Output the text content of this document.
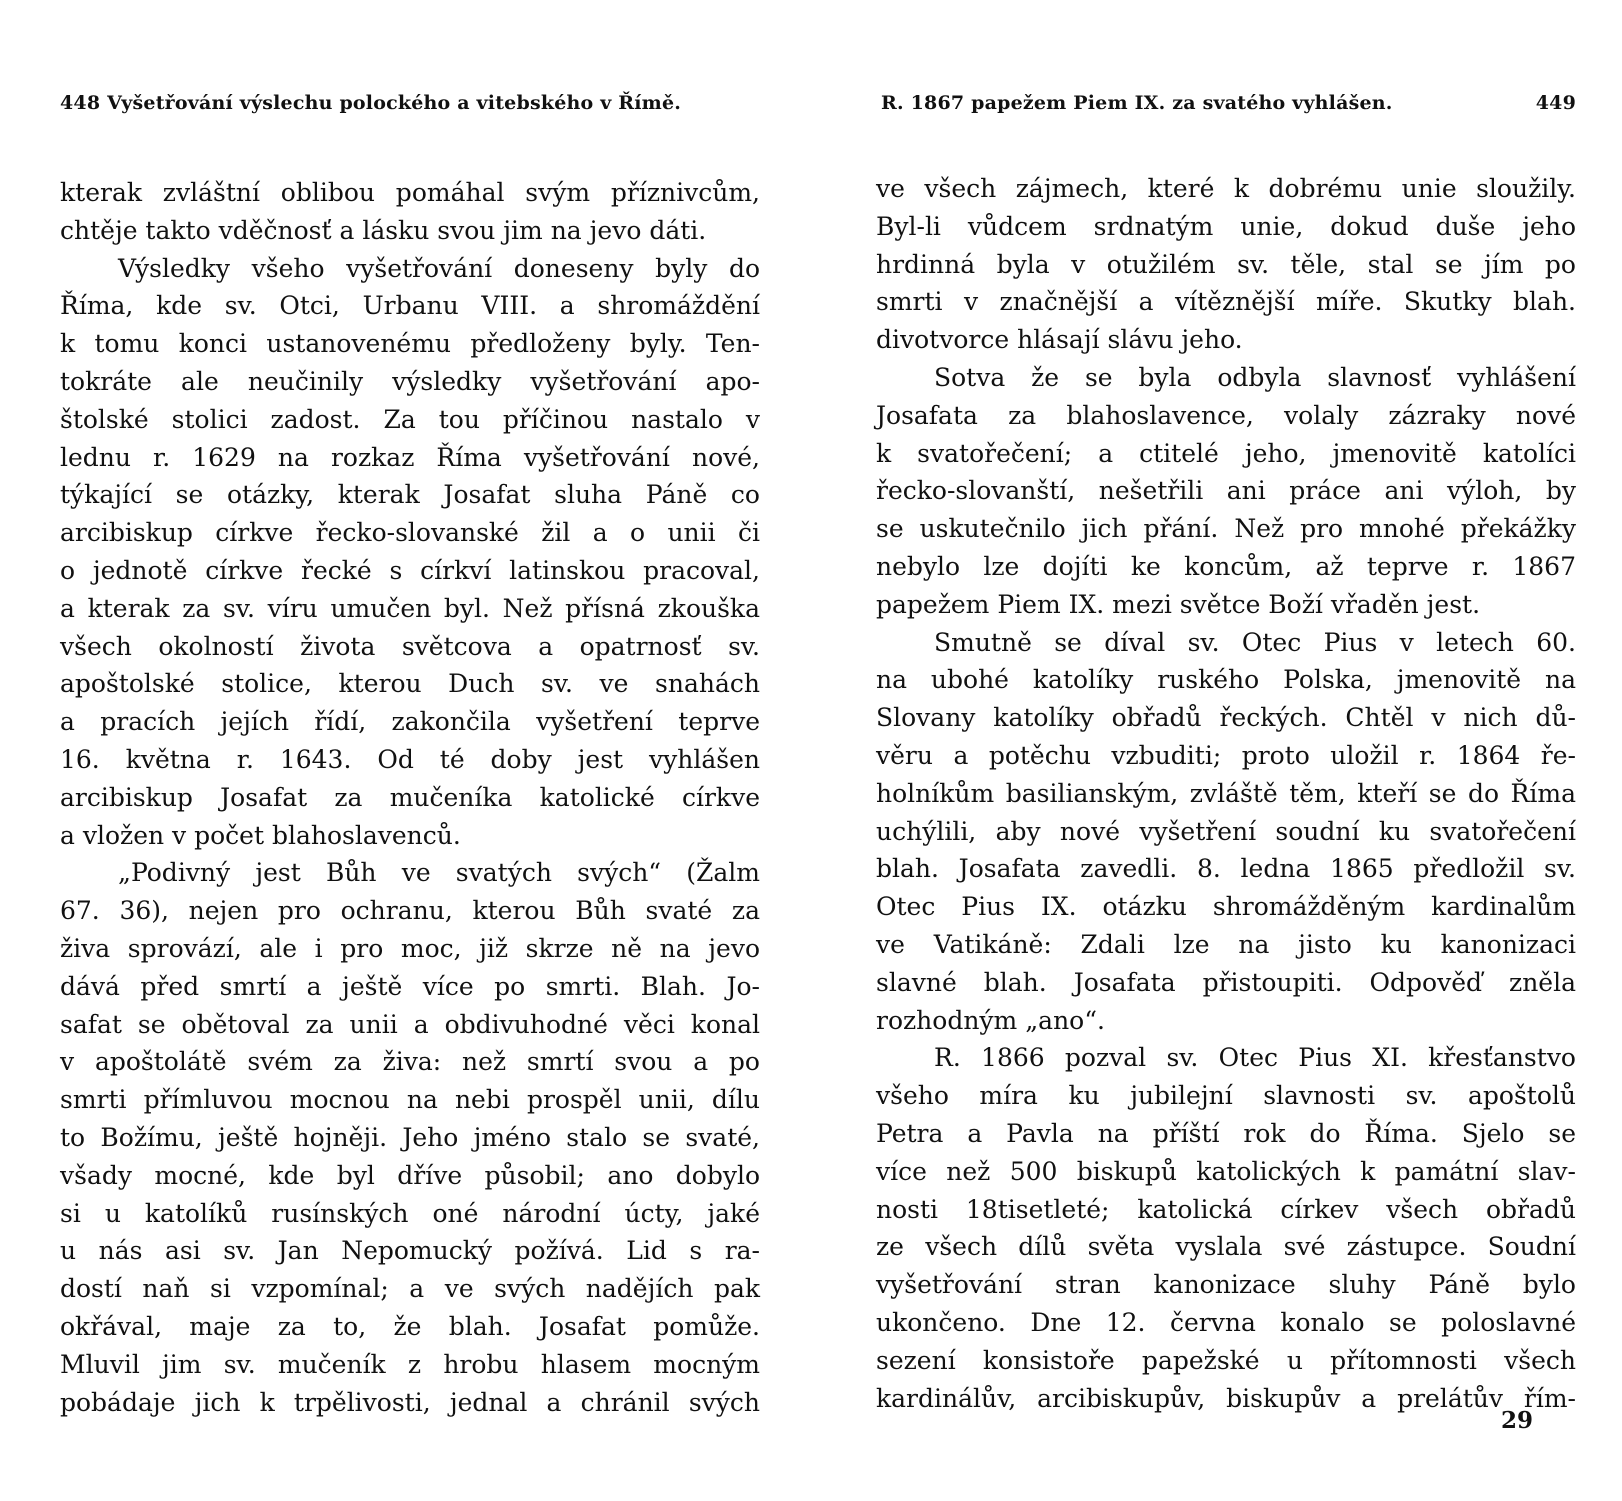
448 Vyšetřování výslechu polockého a vitebského v Římě.
kterak zvláštní oblibou pomáhal svým příznivcům,
chtěje takto vděčnosť a lásku svou jim na jevo dáti.
Výsledky všeho vyšetřování doneseny byly do
Říma, kde sv. Otci, Urbanu VIII. a shromáždění
k tomu konci ustanovenému předloženy byly. Ten-
tokráte ale neučinily výsledky vyšetřování apo-
štolské stolici zadost. Za tou příčinou nastalo v
lednu r. 1629 na rozkaz Říma vyšetřování nové,
týkající se otázky, kterak Josafat sluha Páně co
arcibiskup církve řecko-slovanské žil a o unii či
o jednotě církve řecké s církví latinskou pracoval,
a kterak za sv. víru umučen byl. Než přísná zkouška
všech okolností života světcova a opatrnosť sv.
apoštolské stolice, kterou Duch sv. ve snahách
a pracích jejích řídí, zakončila vyšetření teprve
16. května r. 1643. Od té doby jest vyhlášen
arcibiskup Josafat za mučeníka katolické církve
a vložen v počet blahoslavenců.
„Podivný jest Bůh ve svatých svých“ (Žalm
67. 36), nejen pro ochranu, kterou Bůh svaté za
živa sprovází, ale i pro moc, již skrze ně na jevo
dává před smrtí a ještě více po smrti. Blah. Jo-
safat se obětoval za unii a obdivuhodné věci konal
v apoštolátě svém za živa: než smrtí svou a po
smrti přímluvou mocnou na nebi prospěl unii, dílu
to Božímu, ještě hojněji. Jeho jméno stalo se svaté,
všady mocné, kde byl dříve působil; ano dobylo
si u katolíků rusínských oné národní úcty, jaké
u nás asi sv. Jan Nepomucký požívá. Lid s ra-
dostí naň si vzpomínal; a ve svých nadějích pak
okřával, maje za to, že blah. Josafat pomůže.
Mluvil jim sv. mučeník z hrobu hlasem mocným
pobádaje jich k trpělivosti, jednal a chránil svých
R. 1867 papežem Piem IX. za svatého vyhlášen.	449
ve všech zájmech, které k dobrému unie sloužily.
Byl-li vůdcem srdnatým unie, dokud duše jeho
hrdinná byla v otužilém sv. těle, stal se jím po
smrti v značnější a vítěznější míře. Skutky blah.
divotvorce hlásají slávu jeho.
Sotva že se byla odbyla slavnosť vyhlášení
Josafata za blahoslavence, volaly zázraky nové
k svatořečení; a ctitelé jeho, jmenovitě katolíci
řecko-slovanští, nešetřili ani práce ani výloh, by
se uskutečnilo jich přání. Než pro mnohé překážky
nebylo lze dojíti ke koncům, až teprve r. 1867
papežem Piem IX. mezi světce Boží vřaděn jest.
Smutně se díval sv. Otec Pius v letech 60.
na ubohé katolíky ruského Polska, jmenovitě na
Slovany katolíky obřadů řeckých. Chtěl v nich dů-
věru a potěchu vzbuditi; proto uložil r. 1864 ře-
holníkům basilianským, zvláště těm, kteří se do Říma
uchýlili, aby nové vyšetření soudní ku svatořečení
blah. Josafata zavedli. 8. ledna 1865 předložil sv.
Otec Pius IX. otázku shromážděným kardinalům
ve Vatikáně: Zdali lze na jisto ku kanonizaci
slavné blah. Josafata přistoupiti. Odpověď zněla
rozhodným „ano“.
R. 1866 pozval sv. Otec Pius XI. křesťanstvo
všeho míra ku jubilejní slavnosti sv. apoštolů
Petra a Pavla na příští rok do Říma. Sjelo se
více než 500 biskupů katolických k památní slav-
nosti 18tisetleté; katolická církev všech obřadů
ze všech dílů světa vyslala své zástupce. Soudní
vyšetřování stran kanonizace sluhy Páně bylo
ukončeno. Dne 12. června konalo se poloslavné
sezení konsistoře papežské u přítomnosti všech
kardinálův, arcibiskupův, biskupův a prelátův řím-
29
